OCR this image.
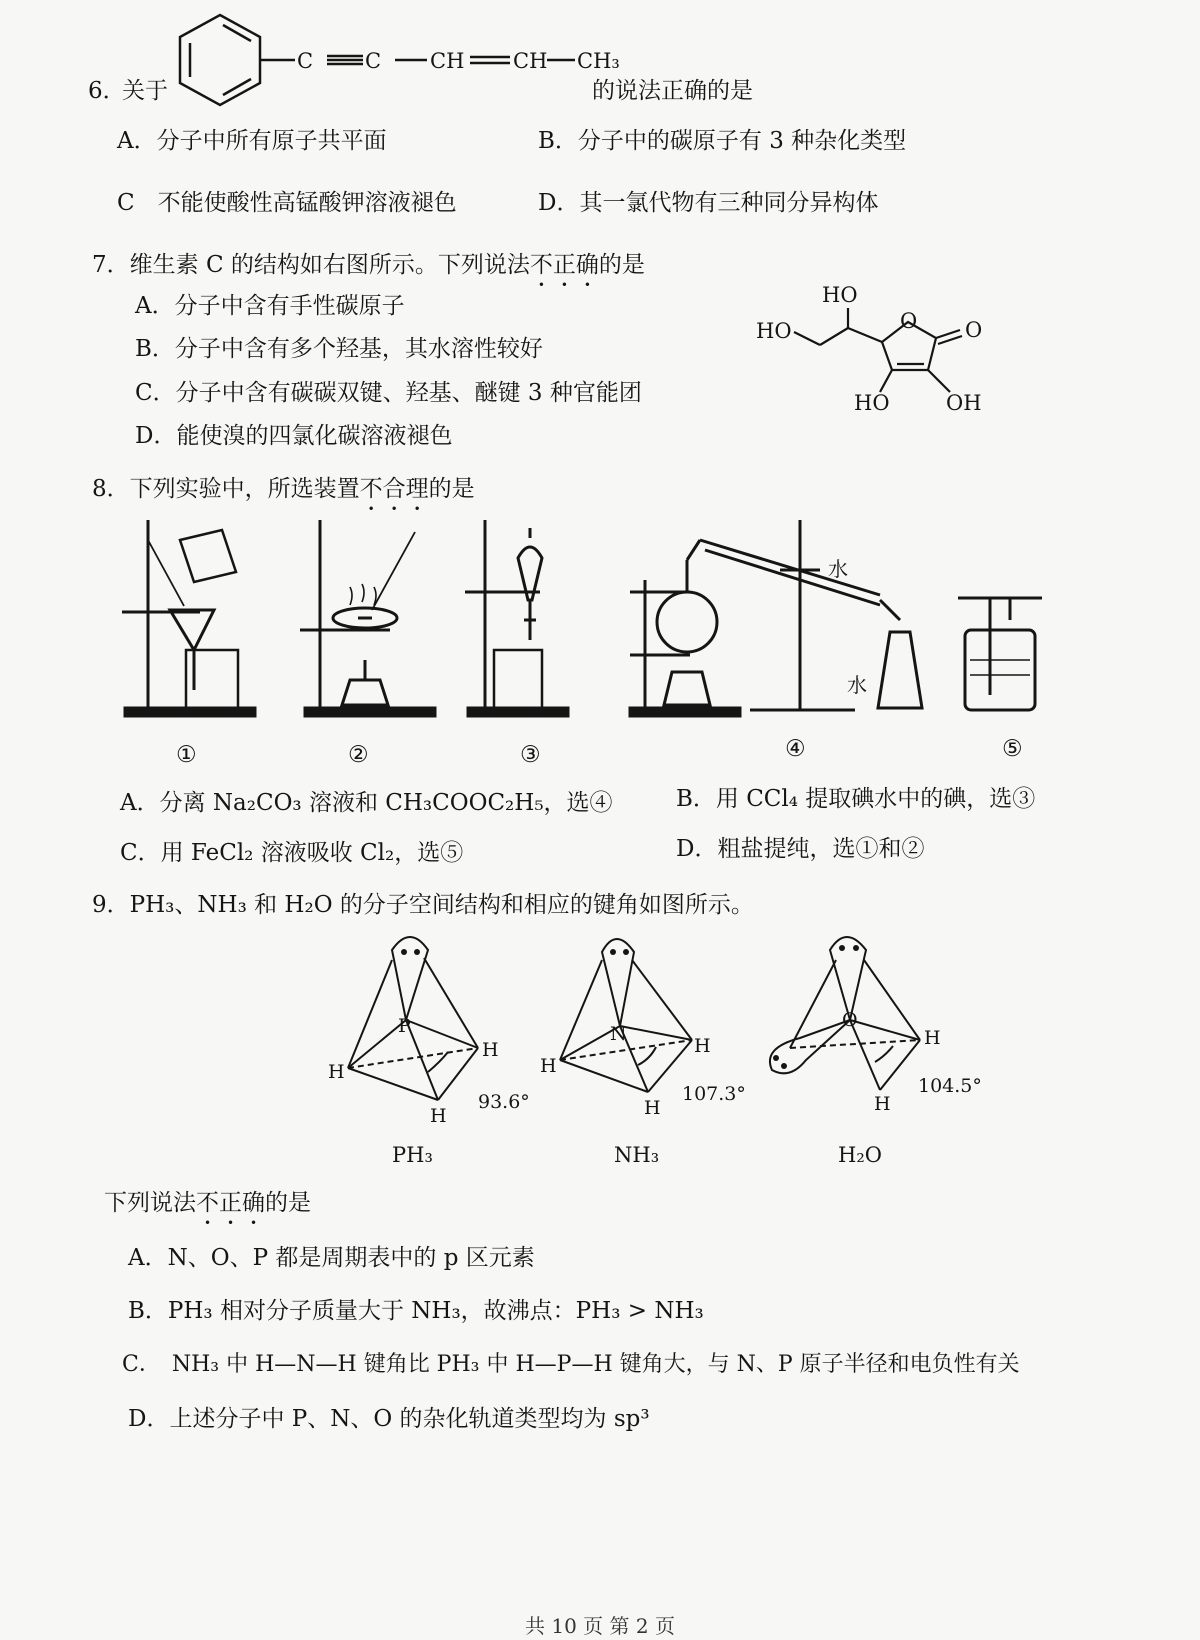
C C CH CH CH₃
6．
关于	的说法正确的是
A．分子中所有原子共平面	B．分子中的碳原子有 3 种杂化类型
C　不能使酸性高锰酸钾溶液褪色	D．其一氯代物有三种同分异构体
7．维生素 C 的结构如右图所示。下列说法不正确的是
A．分子中含有手性碳原子
B．分子中含有多个羟基，其水溶性较好
C．分子中含有碳碳双键、羟基、醚键 3 种官能团
D．能使溴的四氯化碳溶液褪色
HO
HO	O O
HO	OH
8．下列实验中，所选装置不合理的是
水
水
①	②	③	④	⑤
A．分离 Na₂CO₃ 溶液和 CH₃COOC₂H₅，选④	B．用 CCl₄ 提取碘水中的碘，选③
C．用 FeCl₂ 溶液吸收 Cl₂，选⑤	D．粗盐提纯，选①和②
9．PH₃、NH₃ 和 H₂O 的分子空间结构和相应的键角如图所示。
P
H
H
H
93.6°
PH₃
N
H
H
H
107.3°
NH₃
O
H
H
104.5°
H₂O
下列说法不正确的是
A．N、O、P 都是周期表中的 p 区元素
B．PH₃ 相对分子质量大于 NH₃，故沸点：PH₃ > NH₃
C．　NH₃ 中 H—N—H 键角比 PH₃ 中 H—P—H 键角大，与 N、P 原子半径和电负性有关
D．上述分子中 P、N、O 的杂化轨道类型均为 sp³
共 10 页 第 2 页
